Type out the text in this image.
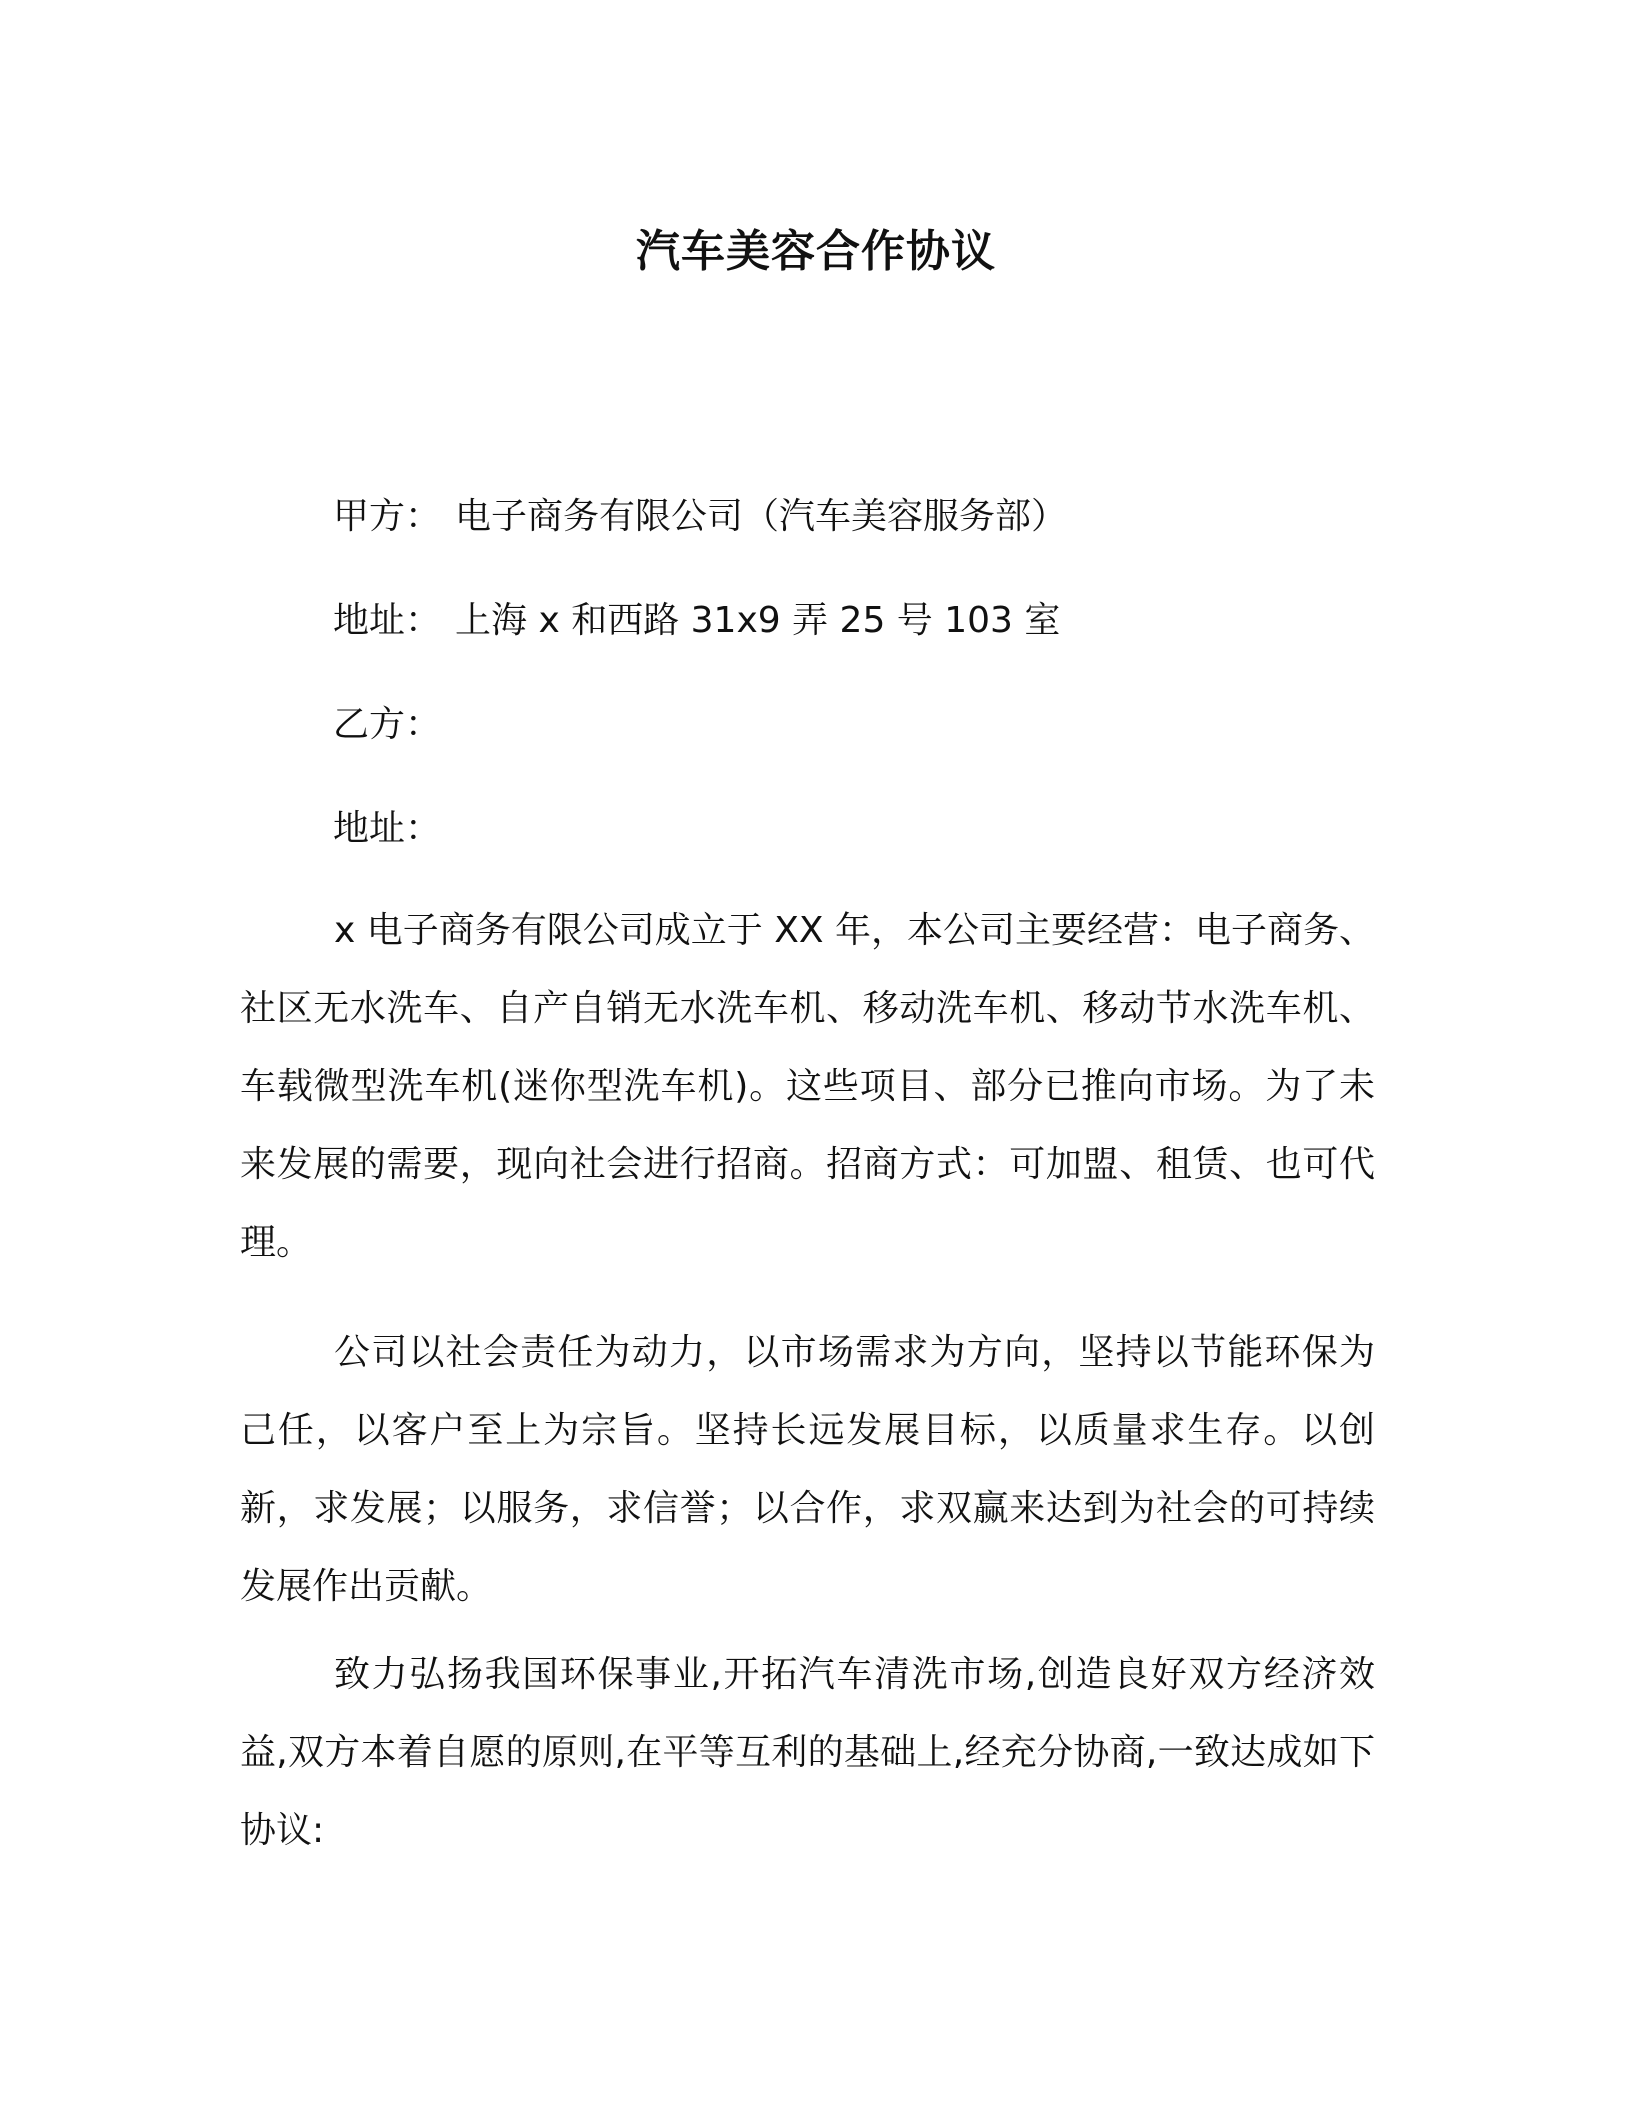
汽车美容合作协议
甲方： 电子商务有限公司（汽车美容服务部）
地址： 上海 x 和西路 31x9 弄 25 号 103 室
乙方：
地址：

x 电子商务有限公司成立于 XX 年，本公司主要经营：电子商务、社区无水洗车、自产自销无水洗车机、移动洗车机、移动节水洗车机、车载微型洗车机(迷你型洗车机)。这些项目、部分已推向市场。为了未来发展的需要，现向社会进行招商。招商方式：可加盟、租赁、也可代理。

公司以社会责任为动力，以市场需求为方向，坚持以节能环保为己任，以客户至上为宗旨。坚持长远发展目标，以质量求生存。以创新，求发展；以服务，求信誉；以合作，求双赢来达到为社会的可持续发展作出贡献。

致力弘扬我国环保事业,开拓汽车清洗市场,创造良好双方经济效益,双方本着自愿的原则,在平等互利的基础上,经充分协商,一致达成如下协议:
